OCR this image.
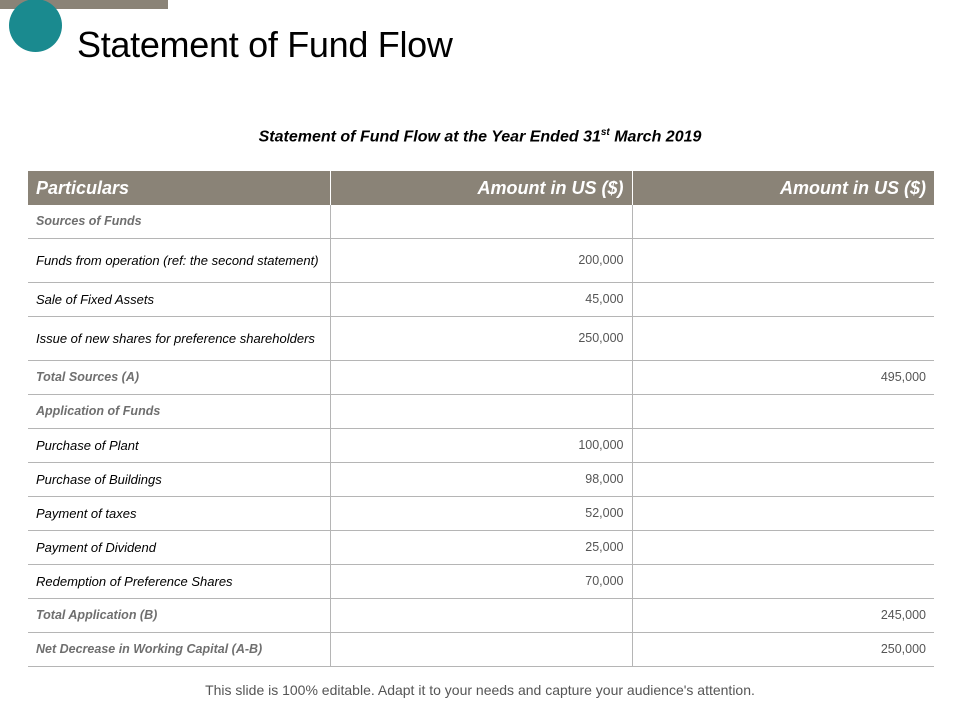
Statement of Fund Flow
Statement of Fund Flow at the Year Ended 31st March 2019
Particulars	Amount in US ($)	Amount in US ($)
Sources of Funds		
Funds from operation (ref: the second statement)	200,000	
Sale of Fixed Assets	45,000	
Issue of new shares for preference shareholders	250,000	
Total Sources (A)		495,000
Application of Funds		
Purchase of Plant	100,000	
Purchase of Buildings	98,000	
Payment of taxes	52,000	
Payment of Dividend	25,000	
Redemption of Preference Shares	70,000	
Total Application (B)		245,000
Net Decrease in Working Capital (A-B)		250,000
This slide is 100% editable. Adapt it to your needs and capture your audience's attention.
